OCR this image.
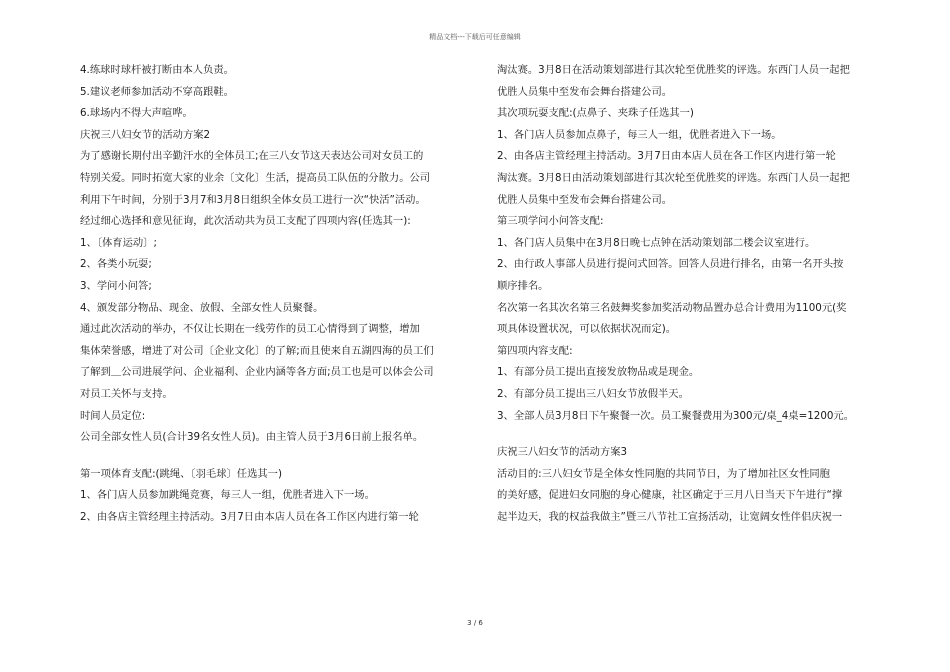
精品文档---下载后可任意编辑
4.练球时球杆被打断由本人负责。
5.建议老师参加活动不穿高跟鞋。
6.球场内不得大声喧哗。
庆祝三八妇女节的活动方案2
为了感谢长期付出辛勤汗水的全体员工;在三八女节这天表达公司对女员工的
特别关爱。同时拓宽大家的业余〔文化〕生活，提高员工队伍的分散力。公司
利用下午时间，分别于3月7和3月8日组织全体女员工进行一次“快活”活动。
经过细心选择和意见征询，此次活动共为员工支配了四项内容(任选其一):
1、〔体育运动〕;
2、各类小玩耍;
3、学问小问答;
4、颁发部分物品、现金、放假、全部女性人员聚餐。
通过此次活动的举办，不仅让长期在一线劳作的员工心情得到了调整，增加
集体荣誉感，增进了对公司〔企业文化〕的了解;而且使来自五湖四海的员工们
了解到＿公司进展学问、企业福利、企业内涵等各方面;员工也是可以体会公司
对员工关怀与支持。
时间人员定位:
公司全部女性人员(合计39名女性人员)。由主管人员于3月6日前上报名单。
第一项体育支配:(跳绳、〔羽毛球〕任选其一)
1、各门店人员参加跳绳竞赛，每三人一组，优胜者进入下一场。
2、由各店主管经理主持活动。3月7日由本店人员在各工作区内进行第一轮
淘汰赛。3月8日在活动策划部进行其次轮至优胜奖的评选。东西门人员一起把
优胜人员集中至发布会舞台搭建公司。
其次项玩耍支配:(点鼻子、夹珠子任选其一)
1、各门店人员参加点鼻子，每三人一组，优胜者进入下一场。
2、由各店主管经理主持活动。3月7日由本店人员在各工作区内进行第一轮
淘汰赛。3月8日由活动策划部进行其次轮至优胜奖的评选。东西门人员一起把
优胜人员集中至发布会舞台搭建公司。
第三项学问小问答支配:
1、各门店人员集中在3月8日晚七点钟在活动策划部二楼会议室进行。
2、由行政人事部人员进行提问式回答。回答人员进行排名，由第一名开头按
顺序排名。
名次第一名其次名第三名鼓舞奖参加奖活动物品置办总合计费用为1100元(奖
项具体设置状况，可以依据状况而定)。
第四项内容支配:
1、有部分员工提出直接发放物品或是现金。
2、有部分员工提出三八妇女节放假半天。
3、全部人员3月8日下午聚餐一次。员工聚餐费用为300元/桌_4桌=1200元。
庆祝三八妇女节的活动方案3
活动目的:三八妇女节是全体女性同胞的共同节日，为了增加社区女性同胞
的美好感，促进妇女同胞的身心健康，社区确定于三月八日当天下午进行“撑
起半边天，我的权益我做主”暨三八节社工宣扬活动，让宽阔女性伴侣庆祝一
3 / 6
